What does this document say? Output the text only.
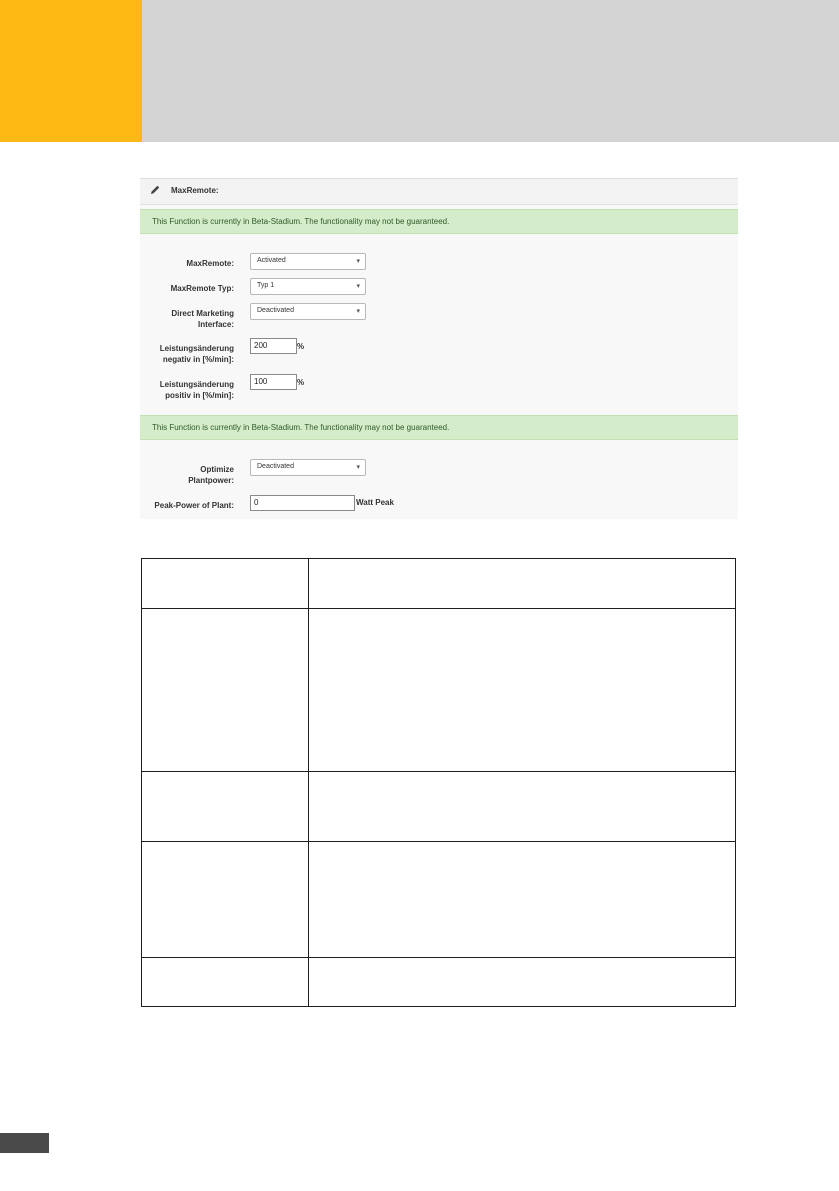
MaxRemote:
This Function is currently in Beta-Stadium. The functionality may not be guaranteed.
MaxRemote:	Activated	▾
MaxRemote Typ:	Typ 1	▾
Direct Marketing
Interface:
Deactivated	▾
Leistungsänderung
negativ in [%/min]:
200	%
Leistungsänderung
positiv in [%/min]:
100	%
This Function is currently in Beta-Stadium. The functionality may not be guaranteed.
Optimize
Plantpower:
Deactivated	▾
Peak-Power of Plant:	0	Watt Peak
